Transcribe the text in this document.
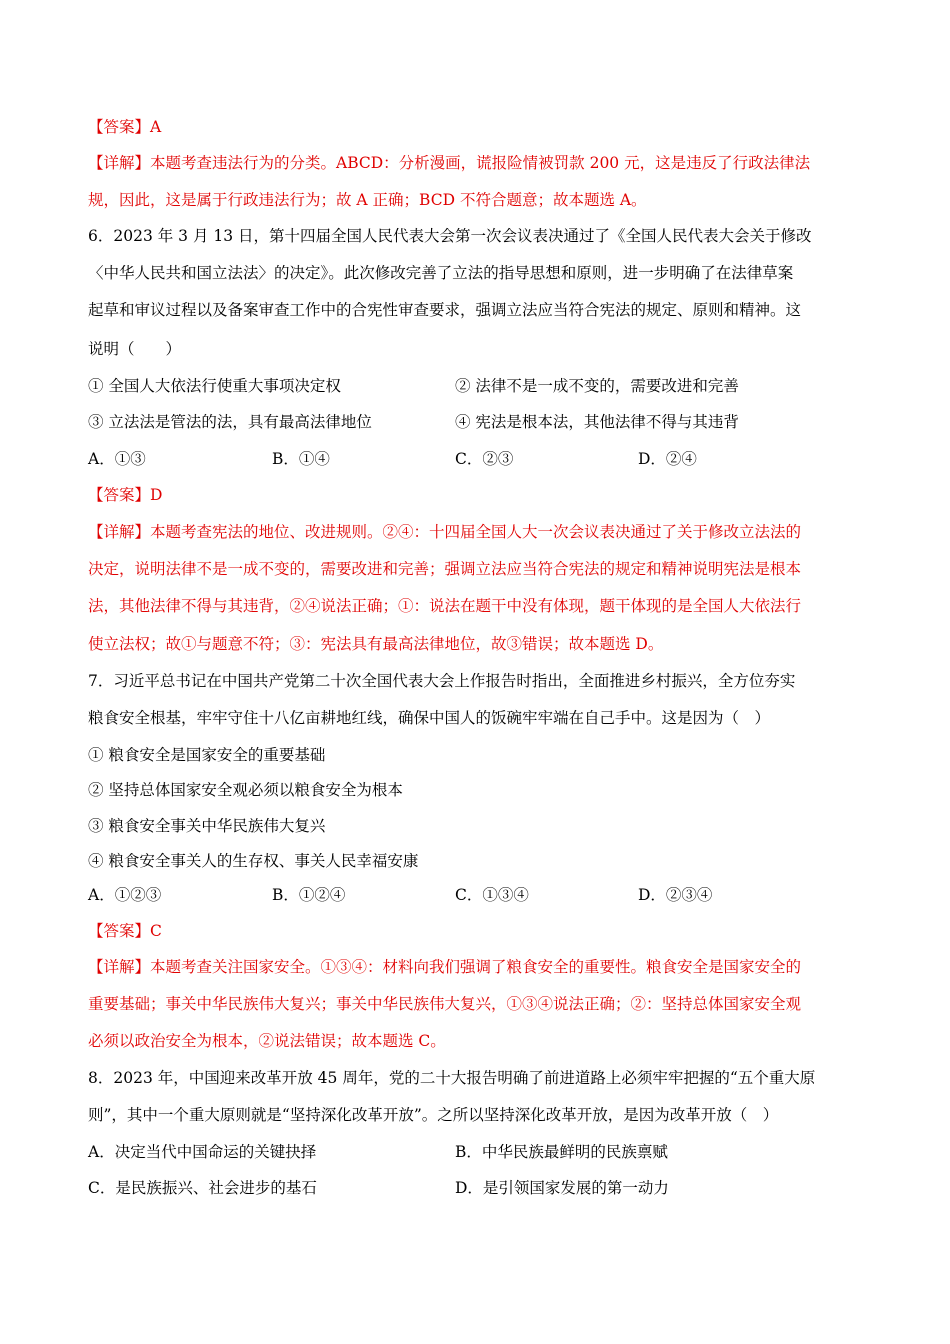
【答案】A
【详解】本题考查违法行为的分类。ABCD：分析漫画，谎报险情被罚款 200 元，这是违反了行政法律法
规，因此，这是属于行政违法行为；故 A 正确；BCD 不符合题意；故本题选 A。
6．2023 年 3 月 13 日，第十四届全国人民代表大会第一次会议表决通过了《全国人民代表大会关于修改
〈中华人民共和国立法法〉的决定》。此次修改完善了立法的指导思想和原则，进一步明确了在法律草案
起草和审议过程以及备案审查工作中的合宪性审查要求，强调立法应当符合宪法的规定、原则和精神。这
说明（　　）
① 全国人大依法行使重大事项决定权	② 法律不是一成不变的，需要改进和完善
③ 立法法是管法的法，具有最高法律地位	④ 宪法是根本法，其他法律不得与其违背
A．①③	B．①④	C．②③	D．②④
【答案】D
【详解】本题考查宪法的地位、改进规则。②④：十四届全国人大一次会议表决通过了关于修改立法法的
决定，说明法律不是一成不变的，需要改进和完善；强调立法应当符合宪法的规定和精神说明宪法是根本
法，其他法律不得与其违背，②④说法正确；①：说法在题干中没有体现，题干体现的是全国人大依法行
使立法权；故①与题意不符；③：宪法具有最高法律地位，故③错误；故本题选 D。
7．习近平总书记在中国共产党第二十次全国代表大会上作报告时指出，全面推进乡村振兴，全方位夯实
粮食安全根基，牢牢守住十八亿亩耕地红线，确保中国人的饭碗牢牢端在自己手中。这是因为（　）
① 粮食安全是国家安全的重要基础
② 坚持总体国家安全观必须以粮食安全为根本
③ 粮食安全事关中华民族伟大复兴
④ 粮食安全事关人的生存权、事关人民幸福安康
A．①②③	B．①②④	C．①③④	D．②③④
【答案】C
【详解】本题考查关注国家安全。①③④：材料向我们强调了粮食安全的重要性。粮食安全是国家安全的
重要基础；事关中华民族伟大复兴；事关中华民族伟大复兴，①③④说法正确；②：坚持总体国家安全观
必须以政治安全为根本，②说法错误；故本题选 C。
8．2023 年，中国迎来改革开放 45 周年，党的二十大报告明确了前进道路上必须牢牢把握的“五个重大原
则”，其中一个重大原则就是“坚持深化改革开放”。之所以坚持深化改革开放，是因为改革开放（　）
A．决定当代中国命运的关键抉择	B．中华民族最鲜明的民族禀赋
C．是民族振兴、社会进步的基石	D．是引领国家发展的第一动力
